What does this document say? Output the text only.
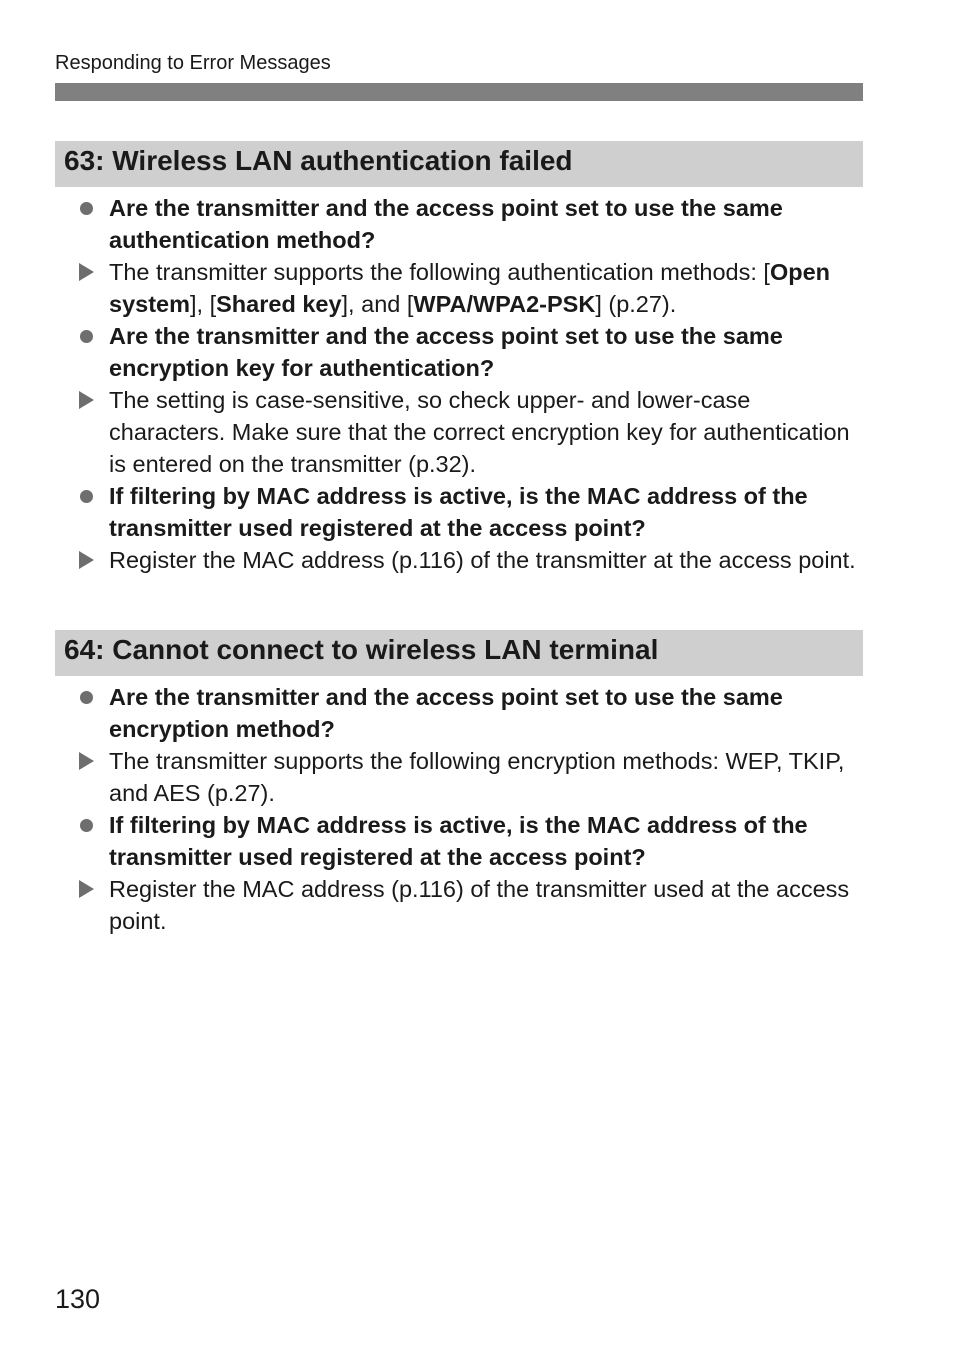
Responding to Error Messages
63: Wireless LAN authentication failed
Are the transmitter and the access point set to use the same authentication method?
The transmitter supports the following authentication methods: [Open system], [Shared key], and [WPA/WPA2-PSK] (p.27).
Are the transmitter and the access point set to use the same encryption key for authentication?
The setting is case-sensitive, so check upper- and lower-case characters. Make sure that the correct encryption key for authentication is entered on the transmitter (p.32).
If filtering by MAC address is active, is the MAC address of the transmitter used registered at the access point?
Register the MAC address (p.116) of the transmitter at the access point.
64: Cannot connect to wireless LAN terminal
Are the transmitter and the access point set to use the same encryption method?
The transmitter supports the following encryption methods: WEP, TKIP, and AES (p.27).
If filtering by MAC address is active, is the MAC address of the transmitter used registered at the access point?
Register the MAC address (p.116) of the transmitter used at the access point.
130
